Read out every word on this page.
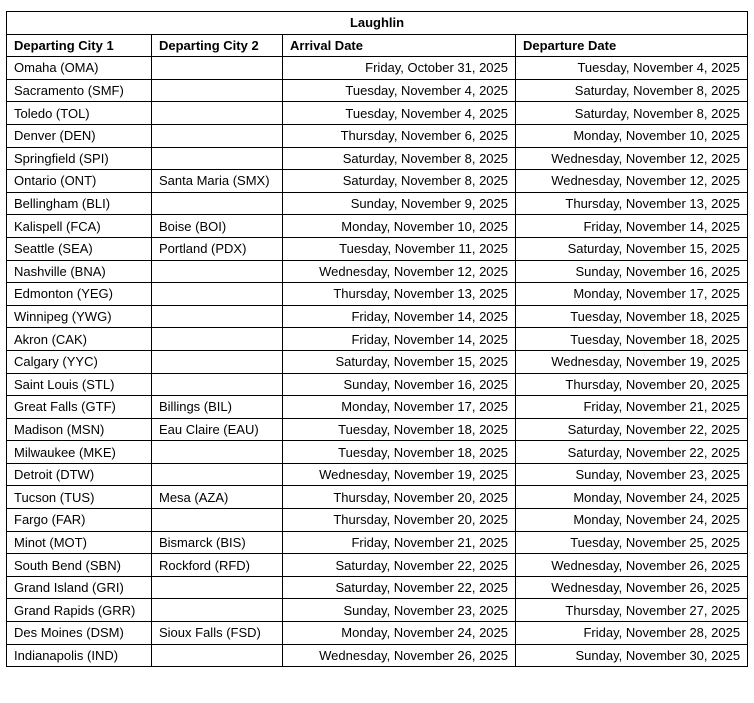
Laughlin			
Departing City 1	Departing City 2	Arrival Date	Departure Date
Omaha (OMA)		Friday, October 31, 2025	Tuesday, November 4, 2025
Sacramento (SMF)		Tuesday, November 4, 2025	Saturday, November 8, 2025
Toledo (TOL)		Tuesday, November 4, 2025	Saturday, November 8, 2025
Denver (DEN)		Thursday, November 6, 2025	Monday, November 10, 2025
Springfield (SPI)		Saturday, November 8, 2025	Wednesday, November 12, 2025
Ontario (ONT)	Santa Maria (SMX)	Saturday, November 8, 2025	Wednesday, November 12, 2025
Bellingham (BLI)		Sunday, November 9, 2025	Thursday, November 13, 2025
Kalispell (FCA)	Boise (BOI)	Monday, November 10, 2025	Friday, November 14, 2025
Seattle (SEA)	Portland (PDX)	Tuesday, November 11, 2025	Saturday, November 15, 2025
Nashville (BNA)		Wednesday, November 12, 2025	Sunday, November 16, 2025
Edmonton (YEG)		Thursday, November 13, 2025	Monday, November 17, 2025
Winnipeg (YWG)		Friday, November 14, 2025	Tuesday, November 18, 2025
Akron (CAK)		Friday, November 14, 2025	Tuesday, November 18, 2025
Calgary (YYC)		Saturday, November 15, 2025	Wednesday, November 19, 2025
Saint Louis (STL)		Sunday, November 16, 2025	Thursday, November 20, 2025
Great Falls (GTF)	Billings (BIL)	Monday, November 17, 2025	Friday, November 21, 2025
Madison (MSN)	Eau Claire (EAU)	Tuesday, November 18, 2025	Saturday, November 22, 2025
Milwaukee (MKE)		Tuesday, November 18, 2025	Saturday, November 22, 2025
Detroit (DTW)		Wednesday, November 19, 2025	Sunday, November 23, 2025
Tucson (TUS)	Mesa (AZA)	Thursday, November 20, 2025	Monday, November 24, 2025
Fargo (FAR)		Thursday, November 20, 2025	Monday, November 24, 2025
Minot (MOT)	Bismarck (BIS)	Friday, November 21, 2025	Tuesday, November 25, 2025
South Bend (SBN)	Rockford (RFD)	Saturday, November 22, 2025	Wednesday, November 26, 2025
Grand Island (GRI)		Saturday, November 22, 2025	Wednesday, November 26, 2025
Grand Rapids (GRR)		Sunday, November 23, 2025	Thursday, November 27, 2025
Des Moines (DSM)	Sioux Falls (FSD)	Monday, November 24, 2025	Friday, November 28, 2025
Indianapolis (IND)		Wednesday, November 26, 2025	Sunday, November 30, 2025
